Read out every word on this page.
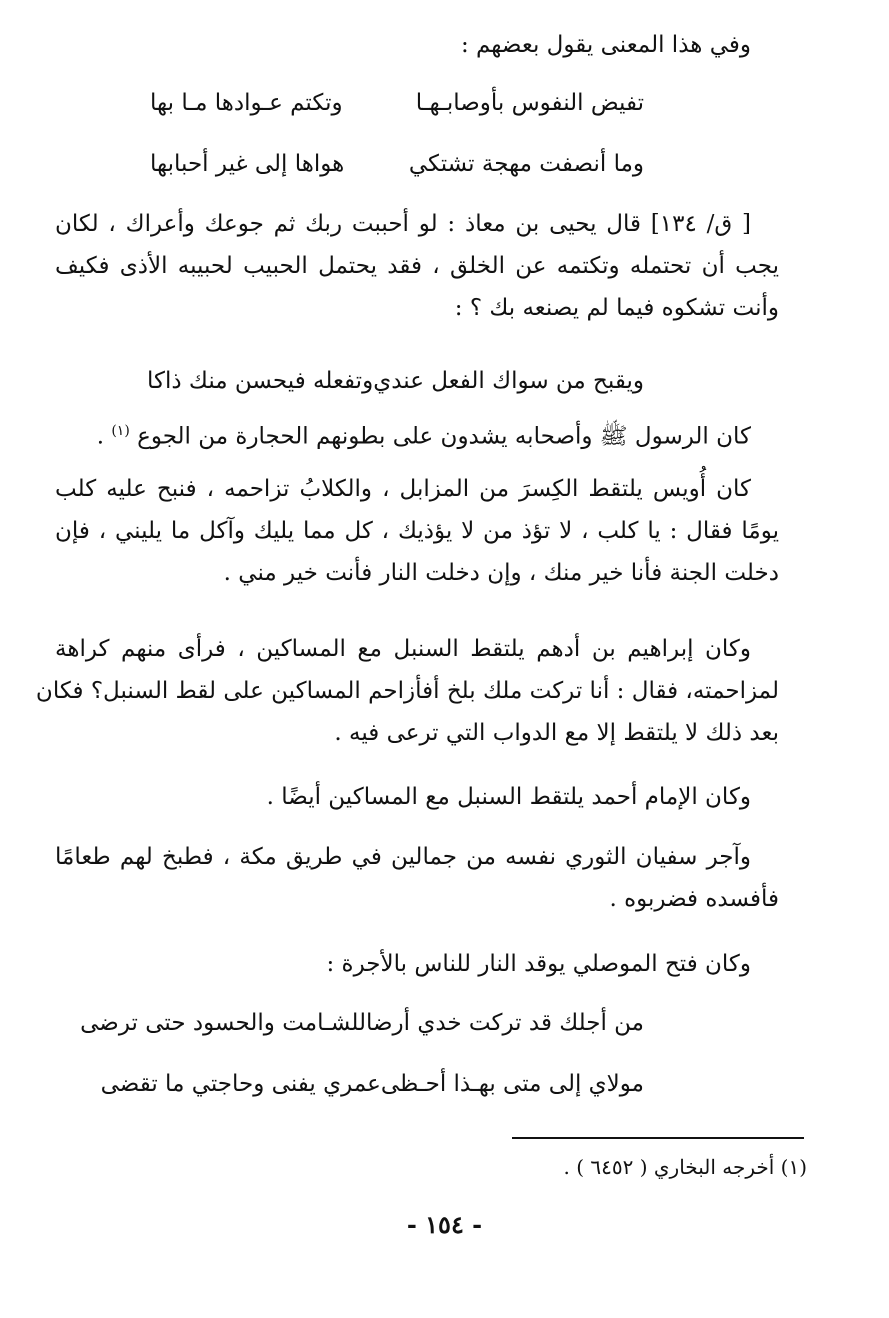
وفي هذا المعنى يقول بعضهم :
تفيض النفوس بأوصابـهـا
وتكتم عـوادها مـا بها
وما أنصفت مهجة تشتكي
هواها إلى غير أحبابها
[ ق/ ١٣٤] قال يحيى بن معاذ : لو أحببت ربك ثم جوعك وأعراك ، لكان
يجب أن تحتمله وتكتمه عن الخلق ، فقد يحتمل الحبيب لحبيبه الأذى فكيف
وأنت تشكوه فيما لم يصنعه بك ؟ :
ويقبح من سواك الفعل عندي
وتفعله فيحسن منك ذاكا
كان الرسول ﷺ وأصحابه يشدون على بطونهم الحجارة من الجوع $^{(١)}$ .
كان أُويس يلتقط الكِسرَ من المزابل ، والكلابُ تزاحمه ، فنبح عليه كلب
يومًا فقال : يا كلب ، لا تؤذ من لا يؤذيك ، كل مما يليك وآكل ما يليني ، فإن
دخلت الجنة فأنا خير منك ، وإن دخلت النار فأنت خير مني .
وكان إبراهيم بن أدهم يلتقط السنبل مع المساكين ، فرأى منهم كراهة
لمزاحمته، فقال : أنا تركت ملك بلخ أفأزاحم المساكين على لقط السنبل؟ فكان
بعد ذلك لا يلتقط إلا مع الدواب التي ترعى فيه .
وكان الإمام أحمد يلتقط السنبل مع المساكين أيضًا .
وآجر سفيان الثوري نفسه من جمالين في طريق مكة ، فطبخ لهم طعامًا
فأفسده فضربوه .
وكان فتح الموصلي يوقد النار للناس بالأجرة :
من أجلك قد تركت خدي أرضا
للشـامت والحسود حتى ترضى
مولاي إلى متى بهـذا أحـظى
عمري يفنى وحاجتي ما تقضى
(١) أخرجه البخاري ( ٦٤٥٢ ) .
- ١٥٤ -
